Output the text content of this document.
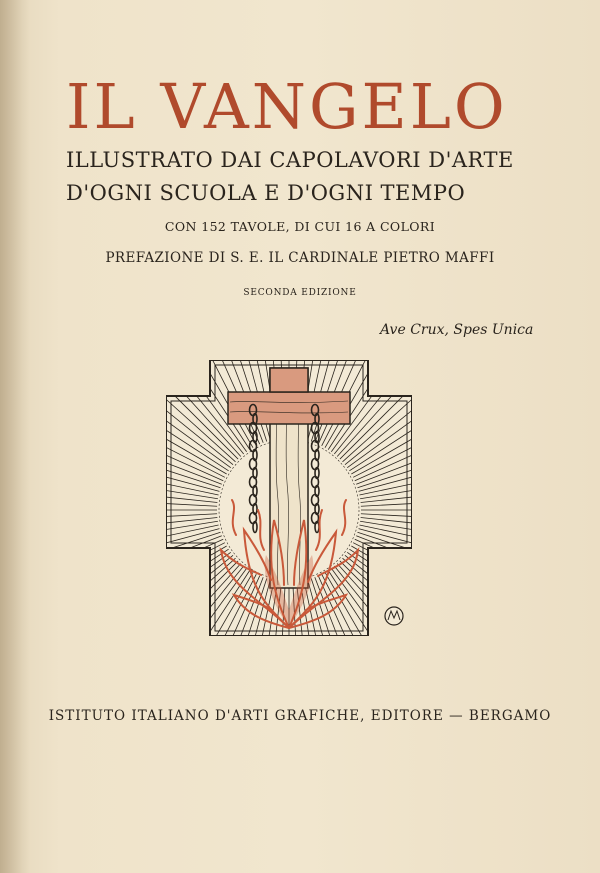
IL VANGELO
ILLUSTRATO DAI CAPOLAVORI D'ARTE
D'OGNI SCUOLA E D'OGNI TEMPO
CON 152 TAVOLE, DI CUI 16 A COLORI
PREFAZIONE DI S. E. IL CARDINALE PIETRO MAFFI
SECONDA EDIZIONE
Ave Crux, Spes Unica
ISTITUTO ITALIANO D'ARTI GRAFICHE, EDITORE — BERGAMO
